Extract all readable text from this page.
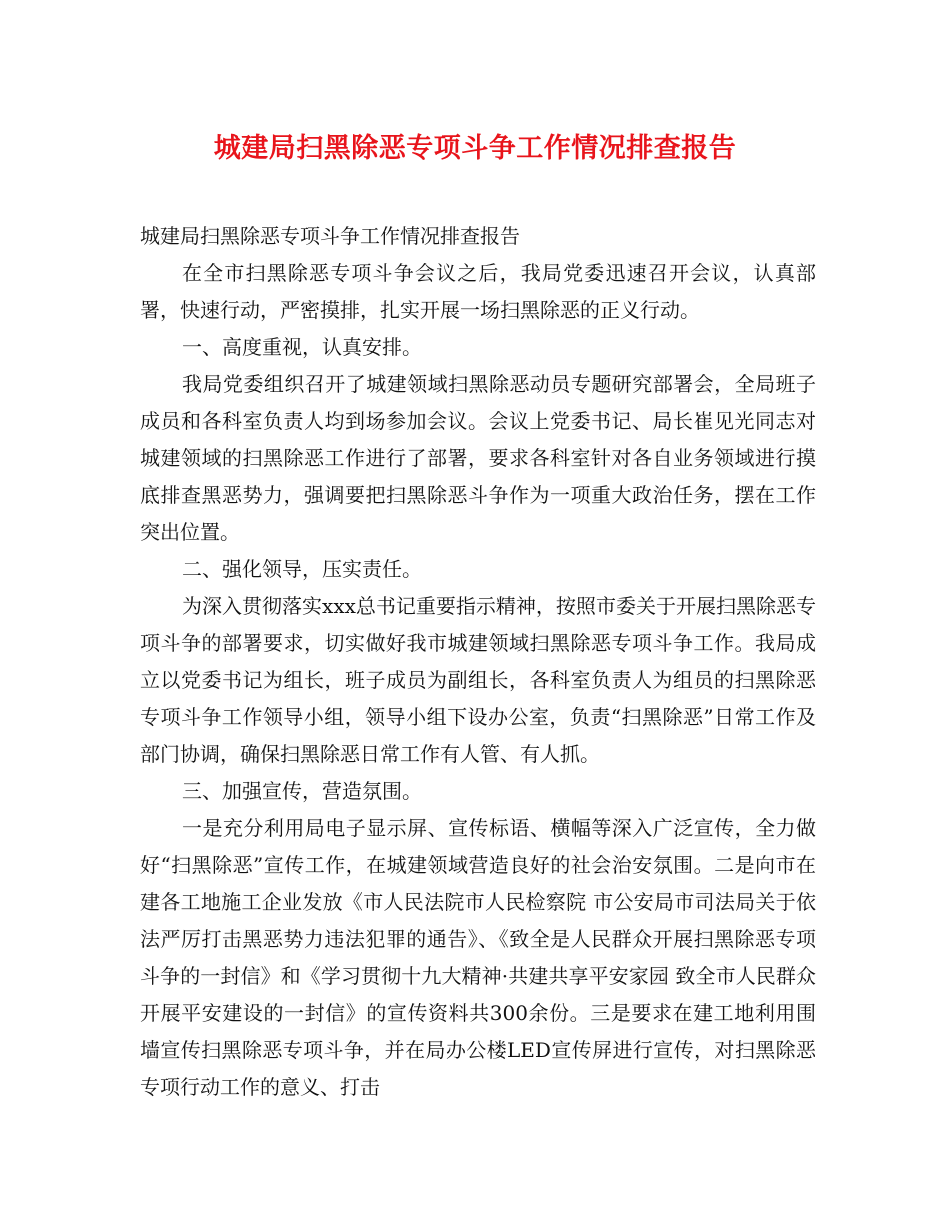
城建局扫黑除恶专项斗争工作情况排查报告

城建局扫黑除恶专项斗争工作情况排查报告

在全市扫黑除恶专项斗争会议之后，我局党委迅速召开会议，认真部署，快速行动，严密摸排，扎实开展一场扫黑除恶的正义行动。

一、高度重视，认真安排。

我局党委组织召开了城建领域扫黑除恶动员专题研究部署会，全局班子成员和各科室负责人均到场参加会议。会议上党委书记、局长崔见光同志对城建领域的扫黑除恶工作进行了部署，要求各科室针对各自业务领域进行摸底排查黑恶势力，强调要把扫黑除恶斗争作为一项重大政治任务，摆在工作突出位置。

二、强化领导，压实责任。

为深入贯彻落实xxx总书记重要指示精神，按照市委关于开展扫黑除恶专项斗争的部署要求，切实做好我市城建领域扫黑除恶专项斗争工作。我局成立以党委书记为组长，班子成员为副组长，各科室负责人为组员的扫黑除恶专项斗争工作领导小组，领导小组下设办公室，负责“扫黑除恶”日常工作及部门协调，确保扫黑除恶日常工作有人管、有人抓。

三、加强宣传，营造氛围。

一是充分利用局电子显示屏、宣传标语、横幅等深入广泛宣传，全力做好“扫黑除恶”宣传工作，在城建领域营造良好的社会治安氛围。二是向市在建各工地施工企业发放《市人民法院市人民检察院 市公安局市司法局关于依法严厉打击黑恶势力违法犯罪的通告》、《致全是人民群众开展扫黑除恶专项斗争的一封信》和《学习贯彻十九大精神·共建共享平安家园 致全市人民群众开展平安建设的一封信》的宣传资料共300余份。三是要求在建工地利用围墙宣传扫黑除恶专项斗争，并在局办公楼LED宣传屏进行宣传，对扫黑除恶专项行动工作的意义、打击
